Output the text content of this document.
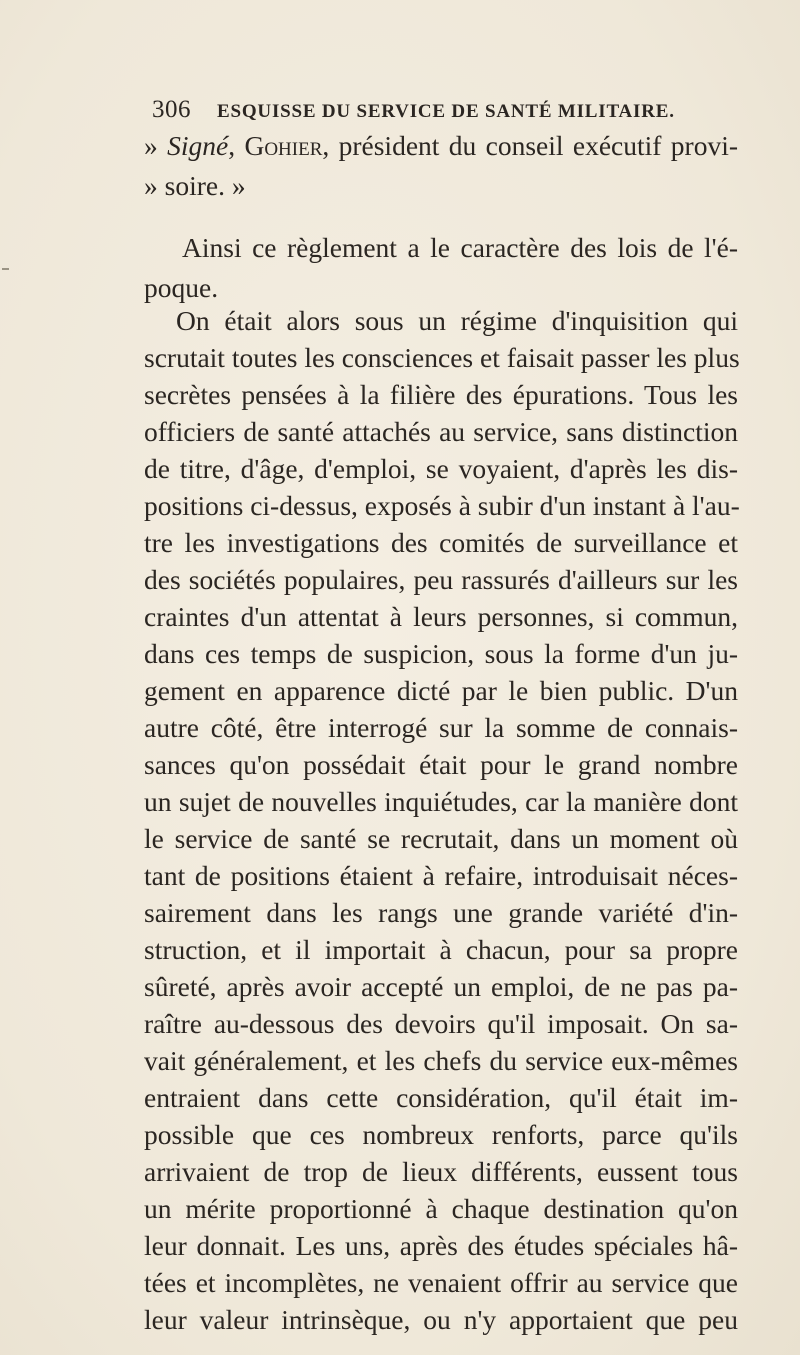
306 ESQUISSE DU SERVICE DE SANTÉ MILITAIRE.
» Signé, Gohier, président du conseil exécutif provi-
» soire. »
Ainsi ce règlement a le caractère des lois de l'é-
poque.
On était alors sous un régime d'inquisition qui
scrutait toutes les consciences et faisait passer les plus
secrètes pensées à la filière des épurations. Tous les
officiers de santé attachés au service, sans distinction
de titre, d'âge, d'emploi, se voyaient, d'après les dis-
positions ci-dessus, exposés à subir d'un instant à l'au-
tre les investigations des comités de surveillance et
des sociétés populaires, peu rassurés d'ailleurs sur les
craintes d'un attentat à leurs personnes, si commun,
dans ces temps de suspicion, sous la forme d'un ju-
gement en apparence dicté par le bien public. D'un
autre côté, être interrogé sur la somme de connais-
sances qu'on possédait était pour le grand nombre
un sujet de nouvelles inquiétudes, car la manière dont
le service de santé se recrutait, dans un moment où
tant de positions étaient à refaire, introduisait néces-
sairement dans les rangs une grande variété d'in-
struction, et il importait à chacun, pour sa propre
sûreté, après avoir accepté un emploi, de ne pas pa-
raître au-dessous des devoirs qu'il imposait. On sa-
vait généralement, et les chefs du service eux-mêmes
entraient dans cette considération, qu'il était im-
possible que ces nombreux renforts, parce qu'ils
arrivaient de trop de lieux différents, eussent tous
un mérite proportionné à chaque destination qu'on
leur donnait. Les uns, après des études spéciales hâ-
tées et incomplètes, ne venaient offrir au service que
leur valeur intrinsèque, ou n'y apportaient que peu
